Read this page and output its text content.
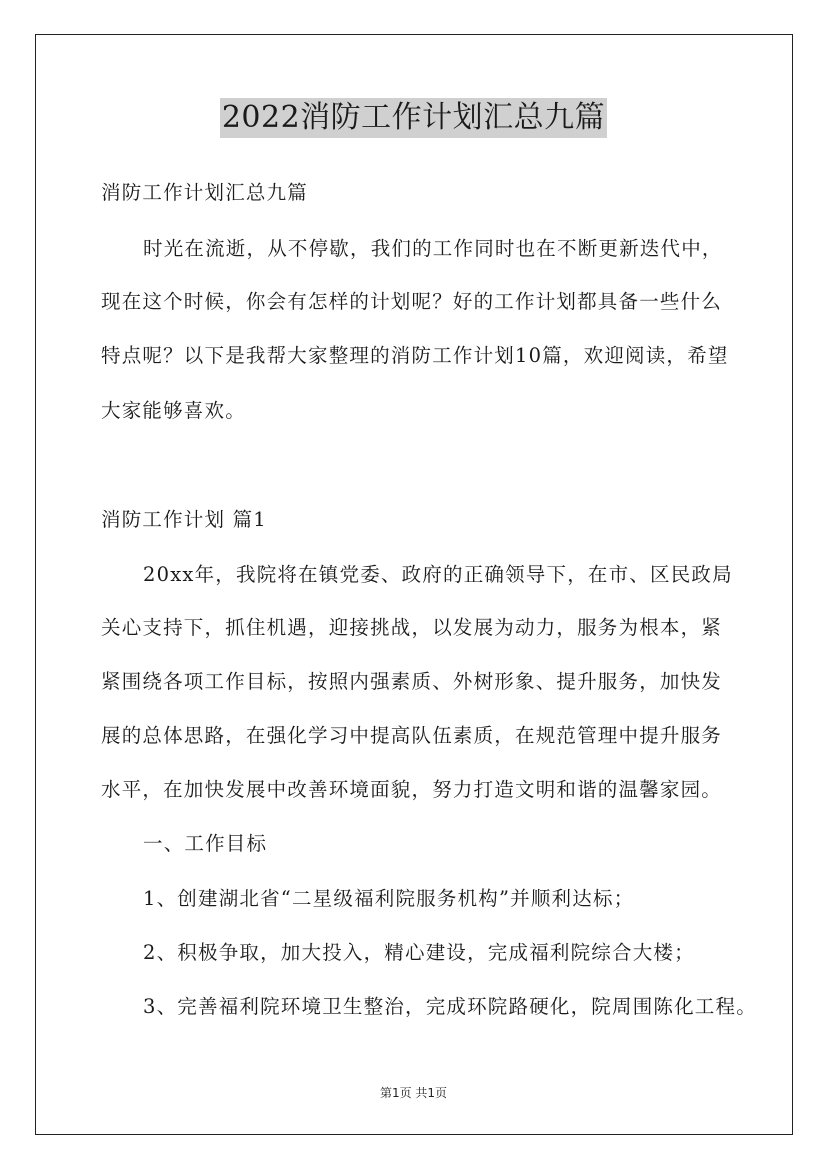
2022消防工作计划汇总九篇
消防工作计划汇总九篇
时光在流逝，从不停歇，我们的工作同时也在不断更新迭代中，
现在这个时候，你会有怎样的计划呢？好的工作计划都具备一些什么
特点呢？以下是我帮大家整理的消防工作计划10篇，欢迎阅读，希望
大家能够喜欢。
消防工作计划 篇1
20xx年，我院将在镇党委、政府的正确领导下，在市、区民政局
关心支持下，抓住机遇，迎接挑战，以发展为动力，服务为根本，紧
紧围绕各项工作目标，按照内强素质、外树形象、提升服务，加快发
展的总体思路，在强化学习中提高队伍素质，在规范管理中提升服务
水平，在加快发展中改善环境面貌，努力打造文明和谐的温馨家园。
一、工作目标
1、创建湖北省“二星级福利院服务机构”并顺利达标；
2、积极争取，加大投入，精心建设，完成福利院综合大楼；
3、完善福利院环境卫生整治，完成环院路硬化，院周围陈化工程。
第1页 共1页
